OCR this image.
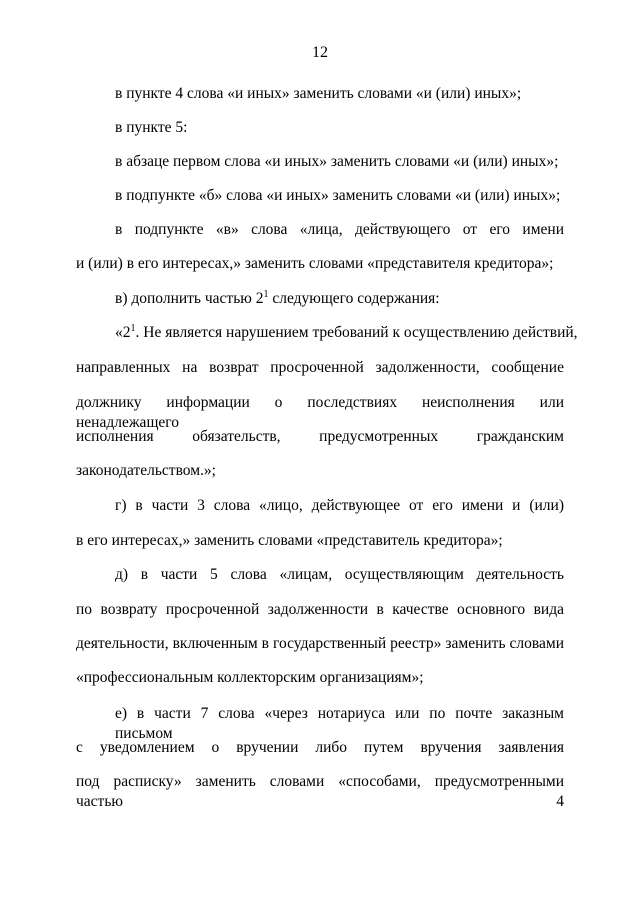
12
в пункте 4 слова «и иных» заменить словами «и (или) иных»;
в пункте 5:
в абзаце первом слова «и иных» заменить словами «и (или) иных»;
в подпункте «б» слова «и иных» заменить словами «и (или) иных»;
в подпункте «в» слова «лица, действующего от его имени
и (или) в его интересах,» заменить словами «представителя кредитора»;
в) дополнить частью $2^1$ следующего содержания:
«$2^1$. Не является нарушением требований к осуществлению действий,
направленных на возврат просроченной задолженности, сообщение
должнику информации о последствиях неисполнения или ненадлежащего
исполнения обязательств, предусмотренных гражданским
законодательством.»;
г) в части 3 слова «лицо, действующее от его имени и (или)
в его интересах,» заменить словами «представитель кредитора»;
д) в части 5 слова «лицам, осуществляющим деятельность
по возврату просроченной задолженности в качестве основного вида
деятельности, включенным в государственный реестр» заменить словами
«профессиональным коллекторским организациям»;
е) в части 7 слова «через нотариуса или по почте заказным письмом
с уведомлением о вручении либо путем вручения заявления
под расписку» заменить словами «способами, предусмотренными частью 4
